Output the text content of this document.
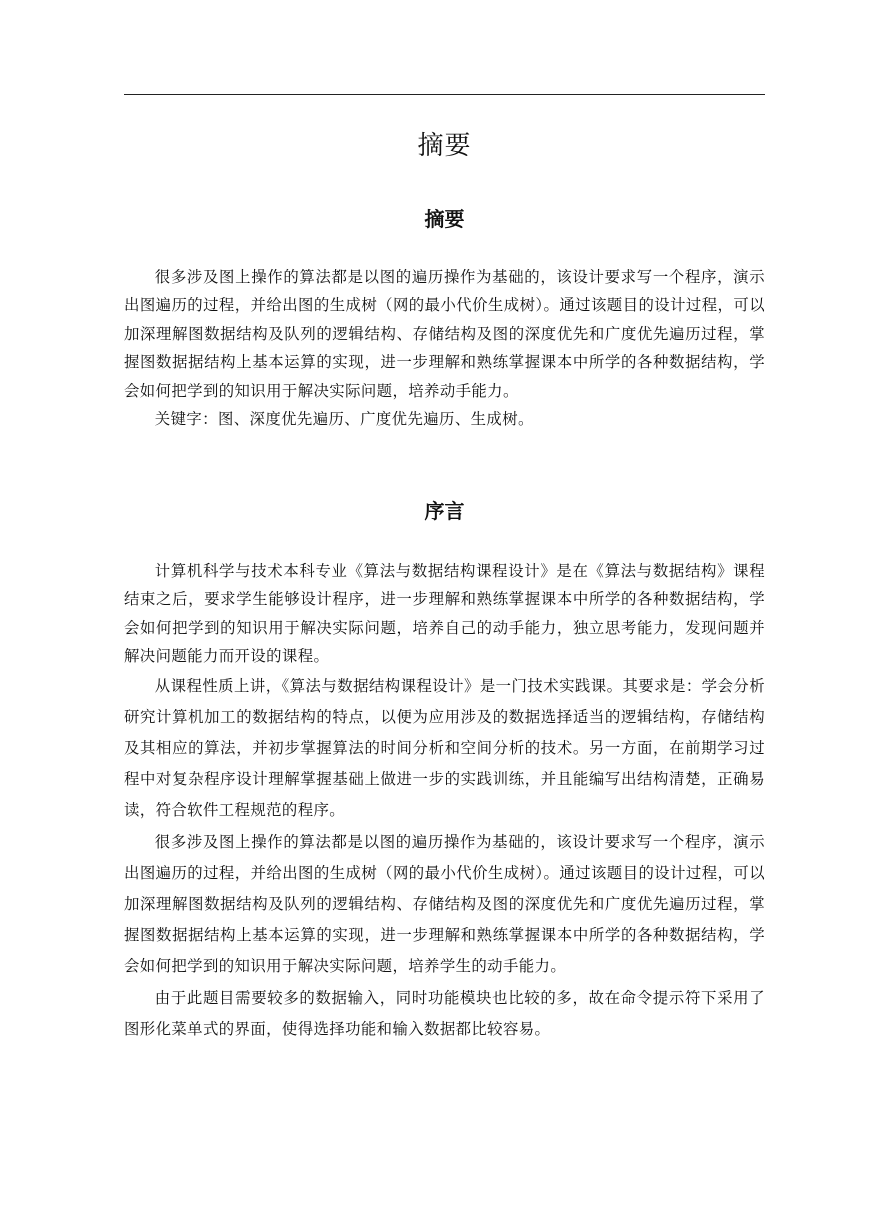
摘要
摘要

很多涉及图上操作的算法都是以图的遍历操作为基础的，该设计要求写一个程序，演示出图遍历的过程，并给出图的生成树（网的最小代价生成树）。通过该题目的设计过程，可以加深理解图数据结构及队列的逻辑结构、存储结构及图的深度优先和广度优先遍历过程，掌握图数据据结构上基本运算的实现，进一步理解和熟练掌握课本中所学的各种数据结构，学会如何把学到的知识用于解决实际问题，培养动手能力。

关键字：图、深度优先遍历、广度优先遍历、生成树。

序言

计算机科学与技术本科专业《算法与数据结构课程设计》是在《算法与数据结构》课程结束之后，要求学生能够设计程序，进一步理解和熟练掌握课本中所学的各种数据结构，学会如何把学到的知识用于解决实际问题，培养自己的动手能力，独立思考能力，发现问题并解决问题能力而开设的课程。

从课程性质上讲，《算法与数据结构课程设计》是一门技术实践课。其要求是：学会分析研究计算机加工的数据结构的特点，以便为应用涉及的数据选择适当的逻辑结构，存储结构及其相应的算法，并初步掌握算法的时间分析和空间分析的技术。另一方面，在前期学习过程中对复杂程序设计理解掌握基础上做进一步的实践训练，并且能编写出结构清楚，正确易读，符合软件工程规范的程序。

很多涉及图上操作的算法都是以图的遍历操作为基础的，该设计要求写一个程序，演示出图遍历的过程，并给出图的生成树（网的最小代价生成树）。通过该题目的设计过程，可以加深理解图数据结构及队列的逻辑结构、存储结构及图的深度优先和广度优先遍历过程，掌握图数据据结构上基本运算的实现，进一步理解和熟练掌握课本中所学的各种数据结构，学会如何把学到的知识用于解决实际问题，培养学生的动手能力。

由于此题目需要较多的数据输入，同时功能模块也比较的多，故在命令提示符下采用了图形化菜单式的界面，使得选择功能和输入数据都比较容易。
